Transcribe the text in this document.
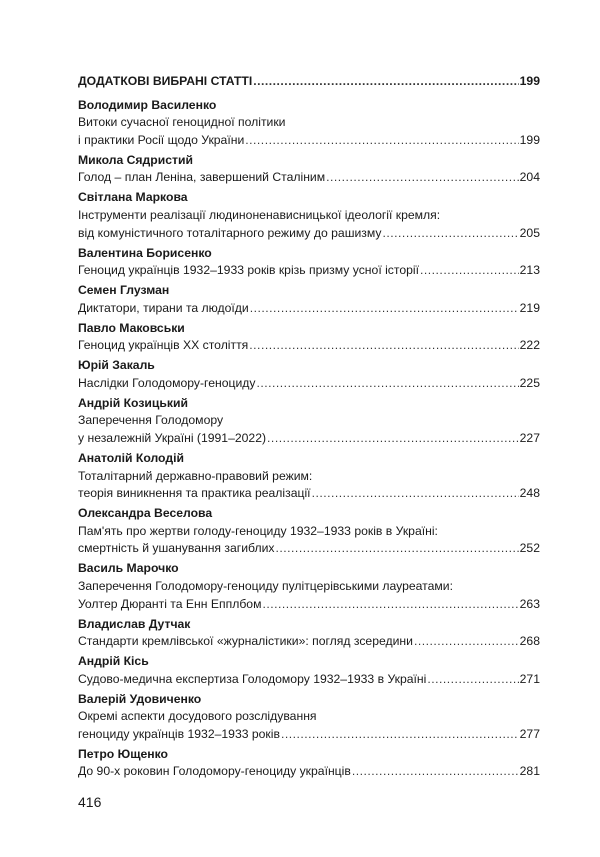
ДОДАТКОВІ ВИБРАНІ СТАТТІ .....	199
Володимир Василенко
Витоки сучасної геноцидної політики
і практики Росії щодо України .....	199
Микола Сядристий
Голод – план Леніна, завершений Сталіним .....	204
Світлана Маркова
Інструменти реалізації людиноненависницької ідеології кремля:
від комуністичного тоталітарного режиму до рашизму .....	205
Валентина Борисенко
Геноцид українців 1932–1933 років крізь призму усної історії .....	213
Семен Глузман
Диктатори, тирани та людоїди .....	219
Павло Маковськи
Геноцид українців XX століття .....	222
Юрій Закаль
Наслідки Голодомору-геноциду .....	225
Андрій Козицький
Заперечення Голодомору
у незалежній Україні (1991–2022) .....	227
Анатолій Колодій
Тоталітарний державно-правовий режим:
теорія виникнення та практика реалізації .....	248
Олександра Веселова
Пам'ять про жертви голоду-геноциду 1932–1933 років в Україні:
смертність й ушанування загиблих .....	252
Василь Марочко
Заперечення Голодомору-геноциду пулітцерівськими лауреатами:
Уолтер Дюранті та Енн Епплбом .....	263
Владислав Дутчак
Стандарти кремлівської «журналістики»: погляд зсередини .....	268
Андрій Кісь
Судово-медична експертиза Голодомору 1932–1933 в Україні .....	271
Валерій Удовиченко
Окремі аспекти досудового розслідування
геноциду українців 1932–1933 років .....	277
Петро Ющенко
До 90-х роковин Голодомору-геноциду українців .....	281
416
